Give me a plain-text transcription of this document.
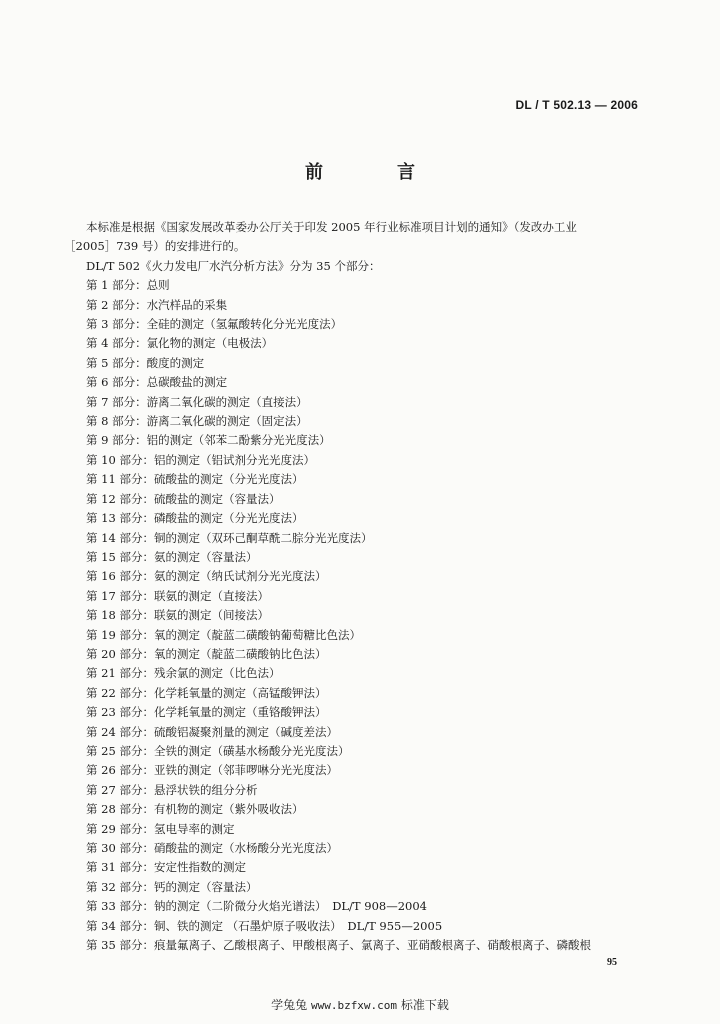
DL / T 502.13 — 2006
前　言
本标准是根据《国家发展改革委办公厅关于印发 2005 年行业标准项目计划的通知》（发改办工业
［2005］739 号）的安排进行的。
DL/T 502《火力发电厂水汽分析方法》分为 35 个部分：
第 1 部分： 总则
第 2 部分： 水汽样品的采集
第 3 部分： 全硅的测定（氢氟酸转化分光光度法）
第 4 部分： 氯化物的测定（电极法）
第 5 部分： 酸度的测定
第 6 部分： 总碳酸盐的测定
第 7 部分： 游离二氧化碳的测定（直接法）
第 8 部分： 游离二氧化碳的测定（固定法）
第 9 部分： 铝的测定（邻苯二酚紫分光光度法）
第 10 部分： 铝的测定（铝试剂分光光度法）
第 11 部分： 硫酸盐的测定（分光光度法）
第 12 部分： 硫酸盐的测定（容量法）
第 13 部分： 磷酸盐的测定（分光光度法）
第 14 部分： 铜的测定（双环己酮草酰二腙分光光度法）
第 15 部分： 氨的测定（容量法）
第 16 部分： 氨的测定（纳氏试剂分光光度法）
第 17 部分： 联氨的测定（直接法）
第 18 部分： 联氨的测定（间接法）
第 19 部分： 氧的测定（靛蓝二磺酸钠葡萄糖比色法）
第 20 部分： 氧的测定（靛蓝二磺酸钠比色法）
第 21 部分： 残余氯的测定（比色法）
第 22 部分： 化学耗氧量的测定（高锰酸钾法）
第 23 部分： 化学耗氧量的测定（重铬酸钾法）
第 24 部分： 硫酸铝凝聚剂量的测定（碱度差法）
第 25 部分： 全铁的测定（磺基水杨酸分光光度法）
第 26 部分： 亚铁的测定（邻菲啰啉分光光度法）
第 27 部分： 悬浮状铁的组分分析
第 28 部分： 有机物的测定（紫外吸收法）
第 29 部分： 氢电导率的测定
第 30 部分： 硝酸盐的测定（水杨酸分光光度法）
第 31 部分： 安定性指数的测定
第 32 部分： 钙的测定（容量法）
第 33 部分： 钠的测定（二阶微分火焰光谱法）　DL/T 908—2004
第 34 部分： 铜、铁的测定 （石墨炉原子吸收法）　DL/T 955—2005
第 35 部分： 痕量氟离子、乙酸根离子、甲酸根离子、氯离子、亚硝酸根离子、硝酸根离子、磷酸根
95
学兔兔 www.bzfxw.com 标准下载
